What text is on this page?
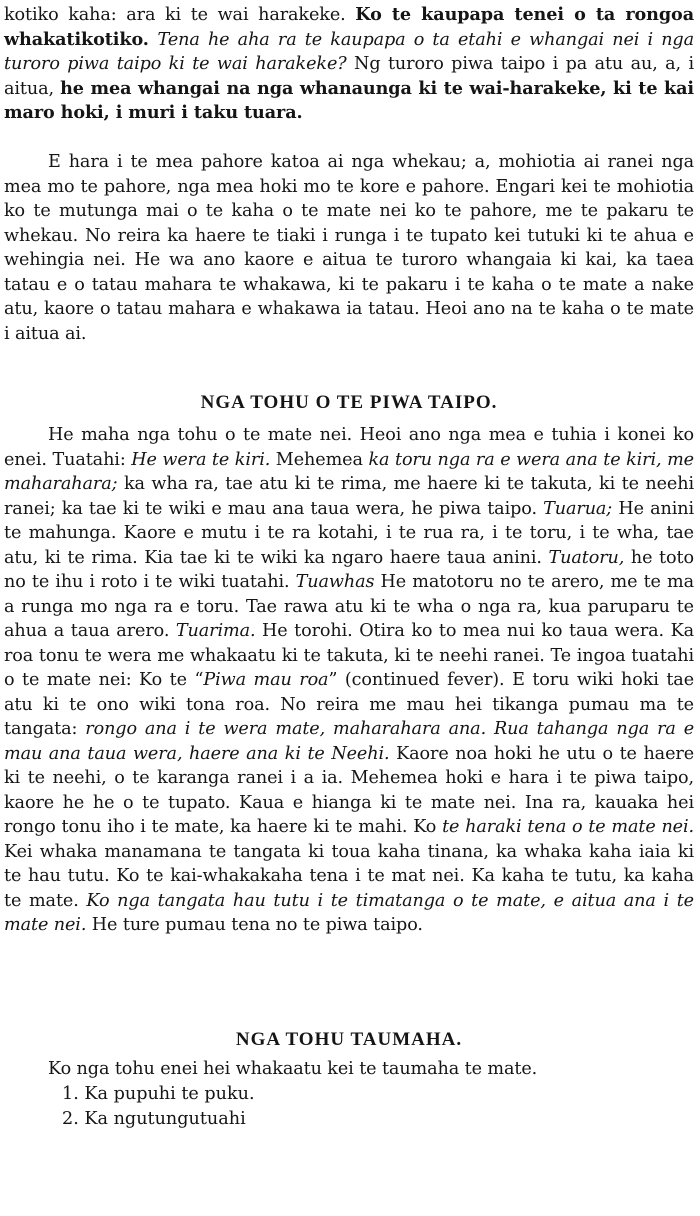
kotiko kaha: ara ki te wai harakeke. Ko te kaupapa tenei o ta rongoa whakatikotiko. Tena he aha ra te kaupapa o ta etahi e whangai nei i nga turoro piwa taipo ki te wai harakeke? Ng turoro piwa taipo i pa atu au, a, i aitua, he mea whangai na nga whanaunga ki te wai-harakeke, ki te kai maro hoki, i muri i taku tuara.

E hara i te mea pahore katoa ai nga whekau; a, mohiotia ai ranei nga mea mo te pahore, nga mea hoki mo te kore e pahore. Engari kei te mohiotia ko te mutunga mai o te kaha o te mate nei ko te pahore, me te pakaru te whekau. No reira ka haere te tiaki i runga i te tupato kei tutuki ki te ahua e wehingia nei. He wa ano kaore e aitua te turoro whangaia ki kai, ka taea tatau e o tatau mahara te whakawa, ki te pakaru i te kaha o te mate a nake atu, kaore o tatau mahara e whakawa ia tatau. Heoi ano na te kaha o te mate i aitua ai.

NGA TOHU O TE PIWA TAIPO.

He maha nga tohu o te mate nei. Heoi ano nga mea e tuhia i konei ko enei. Tuatahi: He wera te kiri. Mehemea ka toru nga ra e wera ana te kiri, me maharahara; ka wha ra, tae atu ki te rima, me haere ki te takuta, ki te neehi ranei; ka tae ki te wiki e mau ana taua wera, he piwa taipo. Tuarua; He anini te mahunga. Kaore e mutu i te ra kotahi, i te rua ra, i te toru, i te wha, tae atu, ki te rima. Kia tae ki te wiki ka ngaro haere taua anini. Tuatoru, he toto no te ihu i roto i te wiki tuatahi. Tuawhas He matotoru no te arero, me te ma a runga mo nga ra e toru. Tae rawa atu ki te wha o nga ra, kua paruparu te ahua a taua arero. Tuarima. He torohi. Otira ko to mea nui ko taua wera. Ka roa tonu te wera me whakaatu ki te takuta, ki te neehi ranei. Te ingoa tuatahi o te mate nei: Ko te “Piwa mau roa” (continued fever). E toru wiki hoki tae atu ki te ono wiki tona roa. No reira me mau hei tikanga pumau ma te tangata: rongo ana i te wera mate, maharahara ana. Rua tahanga nga ra e mau ana taua wera, haere ana ki te Neehi. Kaore noa hoki he utu o te haere ki te neehi, o te karanga ranei i a ia. Mehemea hoki e hara i te piwa taipo, kaore he he o te tupato. Kaua e hianga ki te mate nei. Ina ra, kauaka hei rongo tonu iho i te mate, ka haere ki te mahi. Ko te haraki tena o te mate nei. Kei whaka manamana te tangata ki toua kaha tinana, ka whaka kaha iaia ki te hau tutu. Ko te kai-whakakaha tena i te mat nei. Ka kaha te tutu, ka kaha te mate. Ko nga tangata hau tutu i te timatanga o te mate, e aitua ana i te mate nei. He ture pumau tena no te piwa taipo.

NGA TOHU TAUMAHA.

Ko nga tohu enei hei whakaatu kei te taumaha te mate.

1. Ka pupuhi te puku.

2. Ka ngutungutuahi
